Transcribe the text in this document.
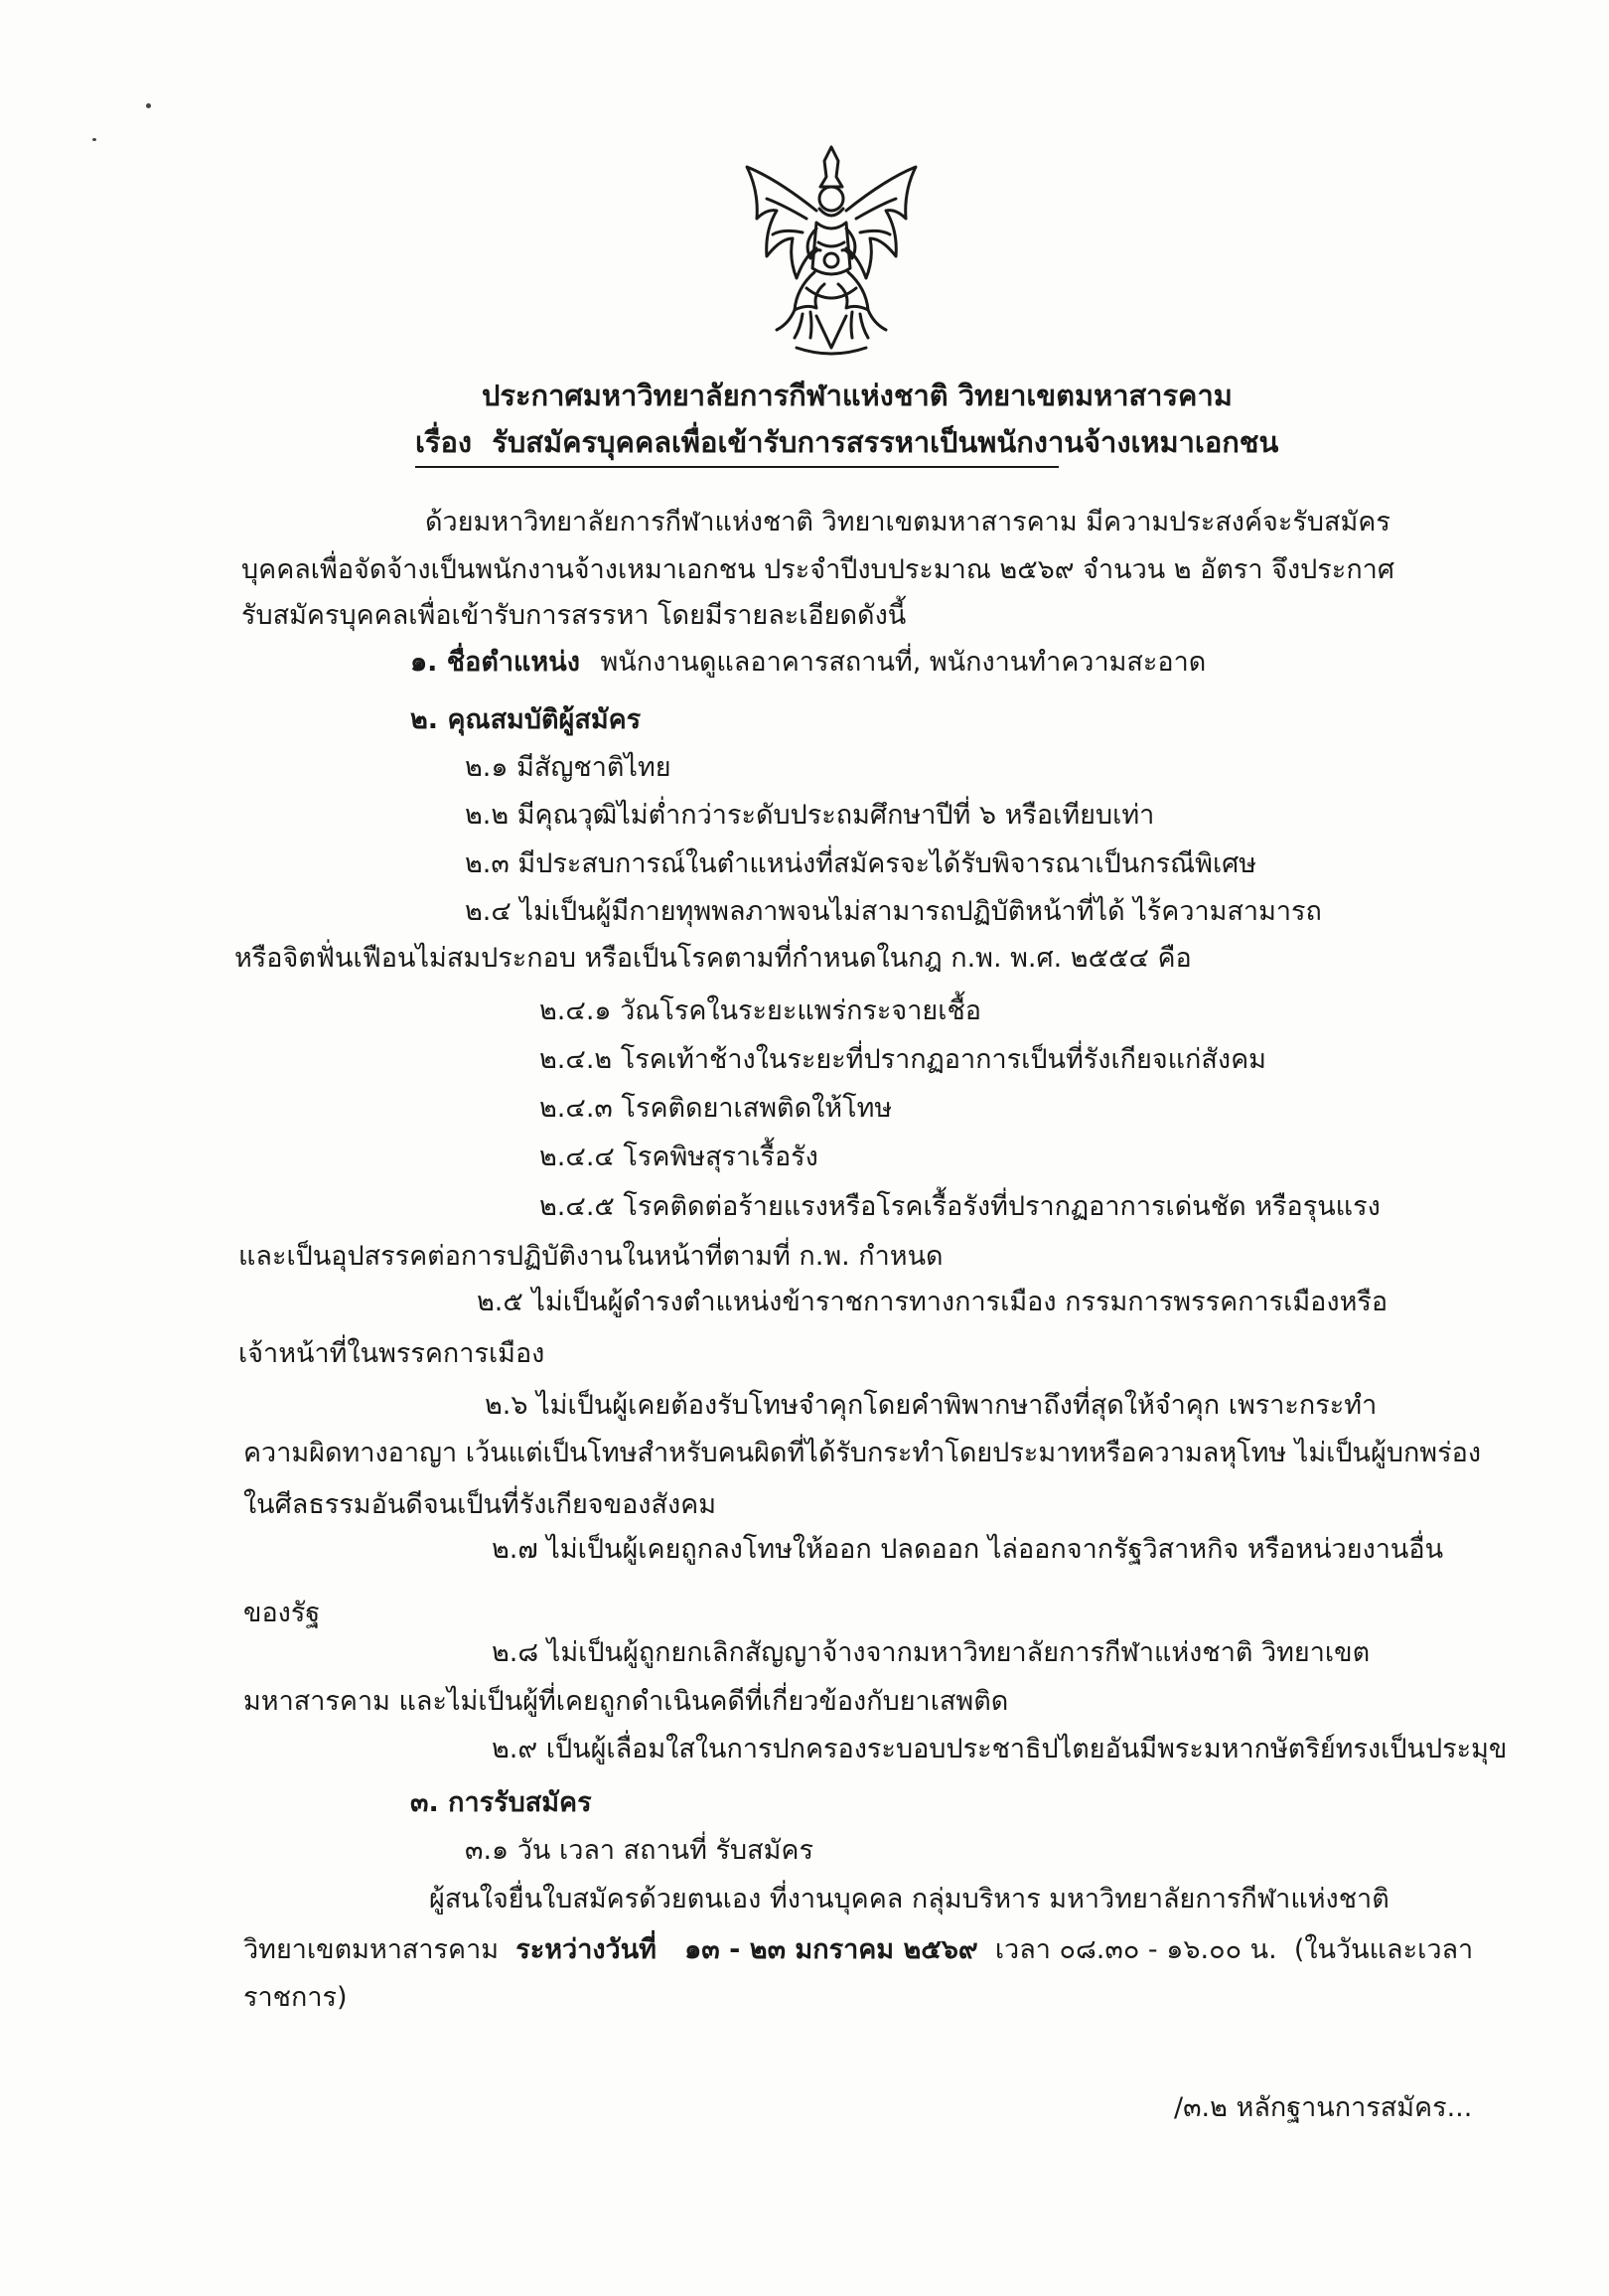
ประกาศมหาวิทยาลัยการกีฬาแห่งชาติ วิทยาเขตมหาสารคาม
เรื่อง  รับสมัครบุคคลเพื่อเข้ารับการสรรหาเป็นพนักงานจ้างเหมาเอกชน
ด้วยมหาวิทยาลัยการกีฬาแห่งชาติ วิทยาเขตมหาสารคาม มีความประสงค์จะรับสมัคร
บุคคลเพื่อจัดจ้างเป็นพนักงานจ้างเหมาเอกชน ประจำปีงบประมาณ ๒๕๖๙ จำนวน ๒ อัตรา จึงประกาศ
รับสมัครบุคคลเพื่อเข้ารับการสรรหา โดยมีรายละเอียดดังนี้
๑. ชื่อตำแหน่ง พนักงานดูแลอาคารสถานที่, พนักงานทำความสะอาด
๒. คุณสมบัติผู้สมัคร
๒.๑ มีสัญชาติไทย
๒.๒ มีคุณวุฒิไม่ต่ำกว่าระดับประถมศึกษาปีที่ ๖ หรือเทียบเท่า
๒.๓ มีประสบการณ์ในตำแหน่งที่สมัครจะได้รับพิจารณาเป็นกรณีพิเศษ
๒.๔ ไม่เป็นผู้มีกายทุพพลภาพจนไม่สามารถปฏิบัติหน้าที่ได้ ไร้ความสามารถ
หรือจิตฟั่นเฟือนไม่สมประกอบ หรือเป็นโรคตามที่กำหนดในกฎ ก.พ. พ.ศ. ๒๕๕๔ คือ
๒.๔.๑ วัณโรคในระยะแพร่กระจายเชื้อ
๒.๔.๒ โรคเท้าช้างในระยะที่ปรากฏอาการเป็นที่รังเกียจแก่สังคม
๒.๔.๓ โรคติดยาเสพติดให้โทษ
๒.๔.๔ โรคพิษสุราเรื้อรัง
๒.๔.๕ โรคติดต่อร้ายแรงหรือโรคเรื้อรังที่ปรากฏอาการเด่นชัด หรือรุนแรง
และเป็นอุปสรรคต่อการปฏิบัติงานในหน้าที่ตามที่ ก.พ. กำหนด
๒.๕ ไม่เป็นผู้ดำรงตำแหน่งข้าราชการทางการเมือง กรรมการพรรคการเมืองหรือ
เจ้าหน้าที่ในพรรคการเมือง
๒.๖ ไม่เป็นผู้เคยต้องรับโทษจำคุกโดยคำพิพากษาถึงที่สุดให้จำคุก เพราะกระทำ
ความผิดทางอาญา เว้นแต่เป็นโทษสำหรับคนผิดที่ได้รับกระทำโดยประมาทหรือความลหุโทษ ไม่เป็นผู้บกพร่อง
ในศีลธรรมอันดีจนเป็นที่รังเกียจของสังคม
๒.๗ ไม่เป็นผู้เคยถูกลงโทษให้ออก ปลดออก ไล่ออกจากรัฐวิสาหกิจ หรือหน่วยงานอื่น
ของรัฐ
๒.๘ ไม่เป็นผู้ถูกยกเลิกสัญญาจ้างจากมหาวิทยาลัยการกีฬาแห่งชาติ วิทยาเขต
มหาสารคาม และไม่เป็นผู้ที่เคยถูกดำเนินคดีที่เกี่ยวข้องกับยาเสพติด
๒.๙ เป็นผู้เลื่อมใสในการปกครองระบอบประชาธิปไตยอันมีพระมหากษัตริย์ทรงเป็นประมุข
๓. การรับสมัคร
๓.๑ วัน เวลา สถานที่ รับสมัคร
ผู้สนใจยื่นใบสมัครด้วยตนเอง ที่งานบุคคล กลุ่มบริหาร มหาวิทยาลัยการกีฬาแห่งชาติ
วิทยาเขตมหาสารคาม  ระหว่างวันที่   ๑๓ - ๒๓ มกราคม ๒๕๖๙  เวลา ๐๘.๓๐ - ๑๖.๐๐ น.  (ในวันและเวลา
ราชการ)
/๓.๒ หลักฐานการสมัคร...
